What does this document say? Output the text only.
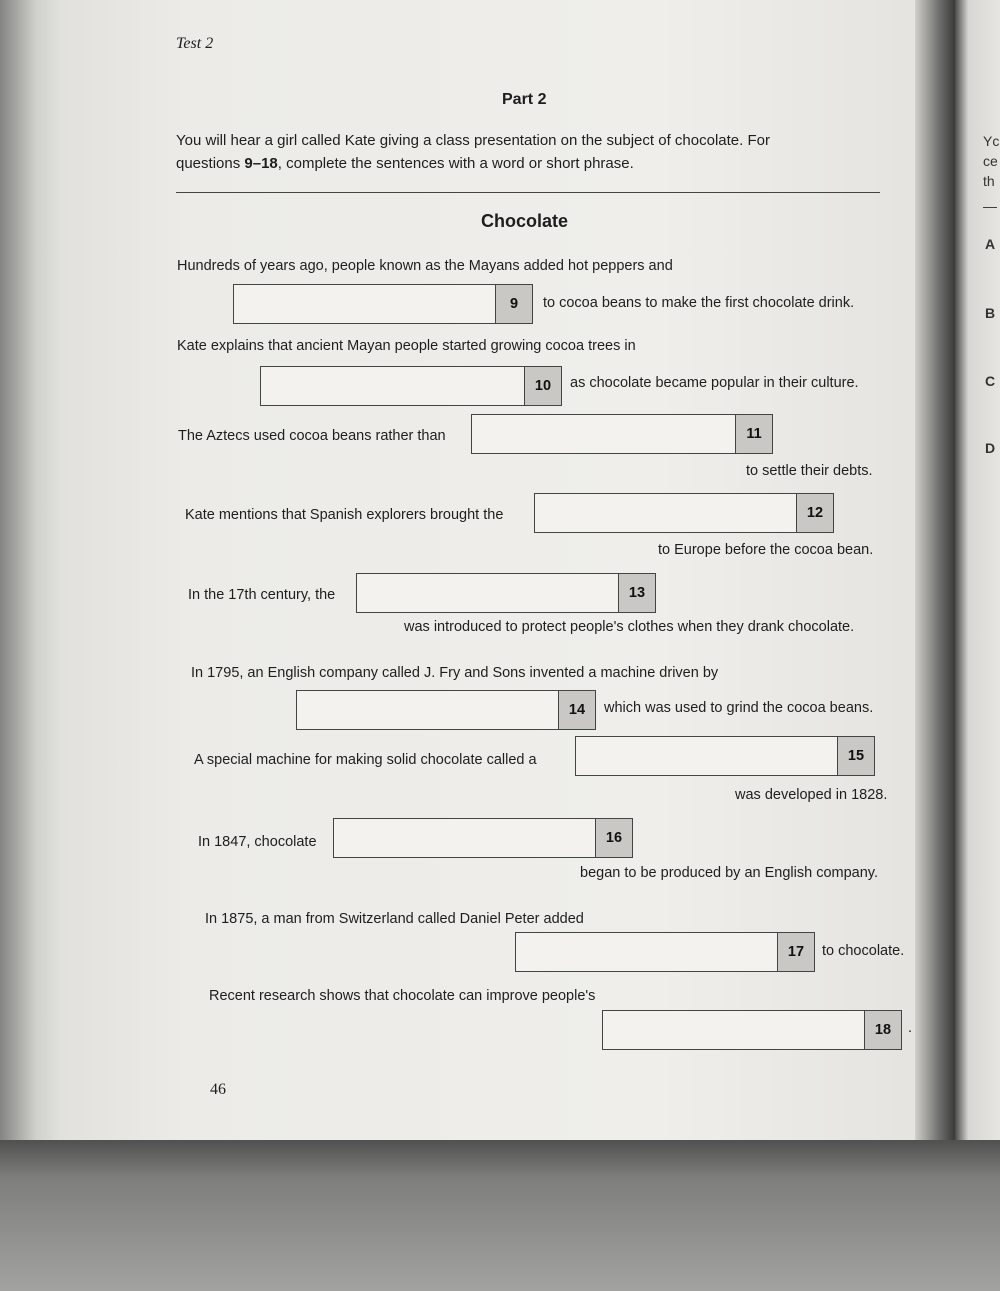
Test 2
Part 2
You will hear a girl called Kate giving a class presentation on the subject of chocolate. For
questions 9–18, complete the sentences with a word or short phrase.
Chocolate
Hundreds of years ago, people known as the Mayans added hot peppers and
9	to cocoa beans to make the first chocolate drink.
Kate explains that ancient Mayan people started growing cocoa trees in
10	as chocolate became popular in their culture.
The Aztecs used cocoa beans rather than	11
to settle their debts.
Kate mentions that Spanish explorers brought the	12
to Europe before the cocoa bean.
In the 17th century, the	13
was introduced to protect people's clothes when they drank chocolate.
In 1795, an English company called J. Fry and Sons invented a machine driven by
14	which was used to grind the cocoa beans.
A special machine for making solid chocolate called a	15
was developed in 1828.
In 1847, chocolate	16
began to be produced by an English company.
In 1875, a man from Switzerland called Daniel Peter added
17	to chocolate.
Recent research shows that chocolate can improve people's
18	.
46
Yc
ce
th
—
A
B
C
D
